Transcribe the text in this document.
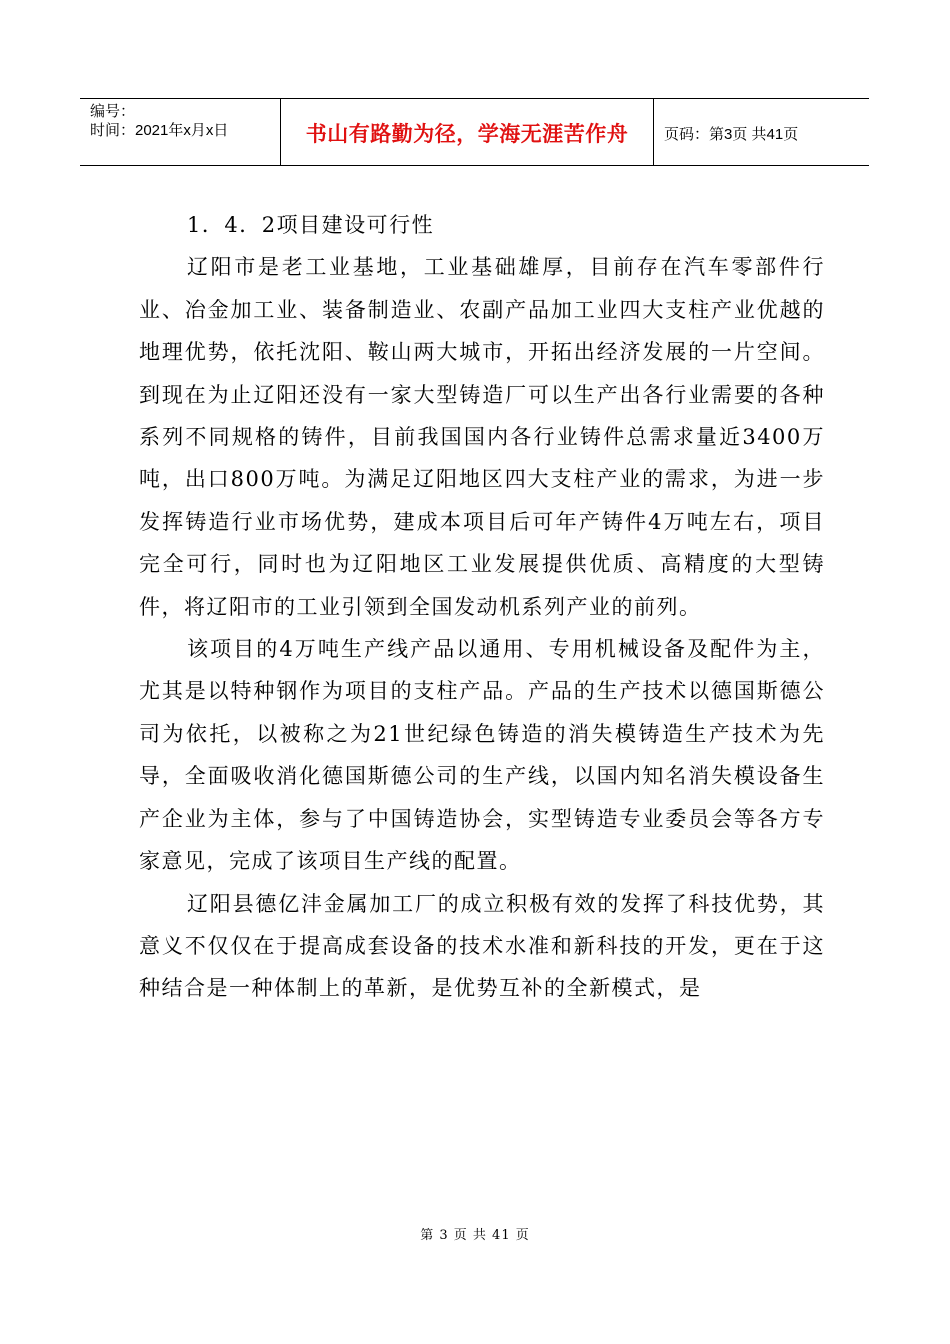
编号：
时间：2021年x月x日	书山有路勤为径，学海无涯苦作舟	页码：第3页 共41页

1．4．2项目建设可行性

辽阳市是老工业基地，工业基础雄厚，目前存在汽车零部件行业、冶金加工业、装备制造业、农副产品加工业四大支柱产业优越的地理优势，依托沈阳、鞍山两大城市，开拓出经济发展的一片空间。到现在为止辽阳还没有一家大型铸造厂可以生产出各行业需要的各种系列不同规格的铸件，目前我国国内各行业铸件总需求量近3400万吨，出口800万吨。为满足辽阳地区四大支柱产业的需求，为进一步发挥铸造行业市场优势，建成本项目后可年产铸件4万吨左右，项目完全可行，同时也为辽阳地区工业发展提供优质、高精度的大型铸件，将辽阳市的工业引领到全国发动机系列产业的前列。

该项目的4万吨生产线产品以通用、专用机械设备及配件为主，尤其是以特种钢作为项目的支柱产品。产品的生产技术以德国斯德公司为依托，以被称之为21世纪绿色铸造的消失模铸造生产技术为先导，全面吸收消化德国斯德公司的生产线，以国内知名消失模设备生产企业为主体，参与了中国铸造协会，实型铸造专业委员会等各方专家意见，完成了该项目生产线的配置。

辽阳县德亿沣金属加工厂的成立积极有效的发挥了科技优势，其意义不仅仅在于提高成套设备的技术水准和新科技的开发，更在于这种结合是一种体制上的革新，是优势互补的全新模式，是

第 3 页 共 41 页
